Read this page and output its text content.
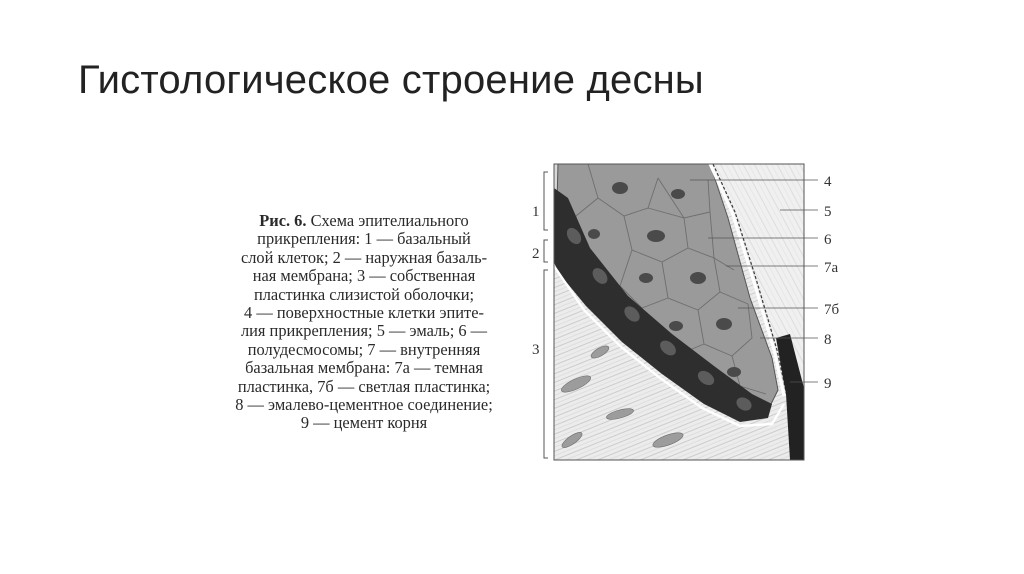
Гистологическое строение десны
Рис. 6. Схема эпителиального
прикрепления: 1 — базальный
слой клеток; 2 — наружная базаль-
ная мембрана; 3 — собственная
пластинка слизистой оболочки;
4 — поверхностные клетки эпите-
лия прикрепления; 5 — эмаль; 6 —
полудесмосомы; 7 — внутренняя
базальная мембрана: 7а — темная
пластинка, 7б — светлая пластинка;
8 — эмалево-цементное соединение;
9 — цемент корня
1
2
3
4
5
6
7а
7б
8
9
